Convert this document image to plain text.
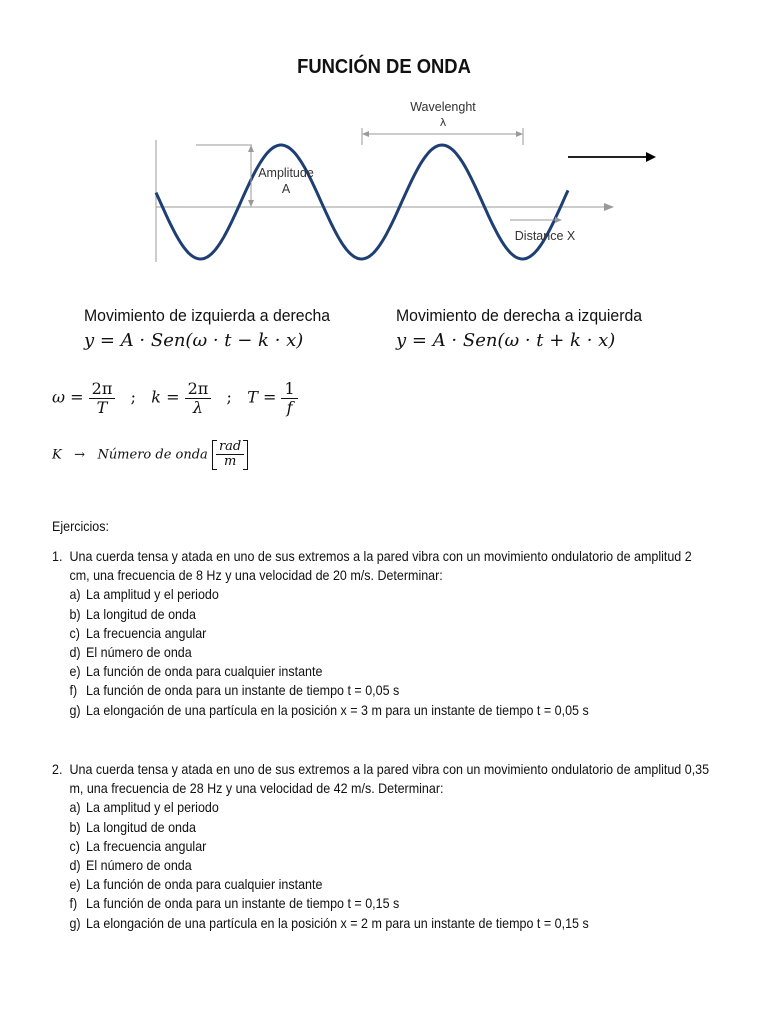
FUNCIÓN DE ONDA
Amplitude
A
Wavelenght
λ
Distance X
Movimiento de izquierda a derecha
y = A · Sen(ω · t − k · x)
Movimiento de derecha a izquierda
y = A · Sen(ω · t + k · x)
$\omega = \frac{2\pi}{T}$ ; $k = \frac{2\pi}{\lambda}$ ; $T = \frac{1}{f}$
K → Número de onda $\frac{\text{rad}}{m}$
Ejercicios:
1. Una cuerda tensa y atada en uno de sus extremos a la pared vibra con un movimiento ondulatorio de amplitud 2 cm, una frecuencia de 8 Hz y una velocidad de 20 m/s. Determinar:
a) La amplitud y el periodo
b) La longitud de onda
c) La frecuencia angular
d) El número de onda
e) La función de onda para cualquier instante
f) La función de onda para un instante de tiempo t = 0,05 s
g) La elongación de una partícula en la posición x = 3 m para un instante de tiempo t = 0,05 s
2. Una cuerda tensa y atada en uno de sus extremos a la pared vibra con un movimiento ondulatorio de amplitud 0,35 m, una frecuencia de 28 Hz y una velocidad de 42 m/s. Determinar:
a) La amplitud y el periodo
b) La longitud de onda
c) La frecuencia angular
d) El número de onda
e) La función de onda para cualquier instante
f) La función de onda para un instante de tiempo t = 0,15 s
g) La elongación de una partícula en la posición x = 2 m para un instante de tiempo t = 0,15 s
